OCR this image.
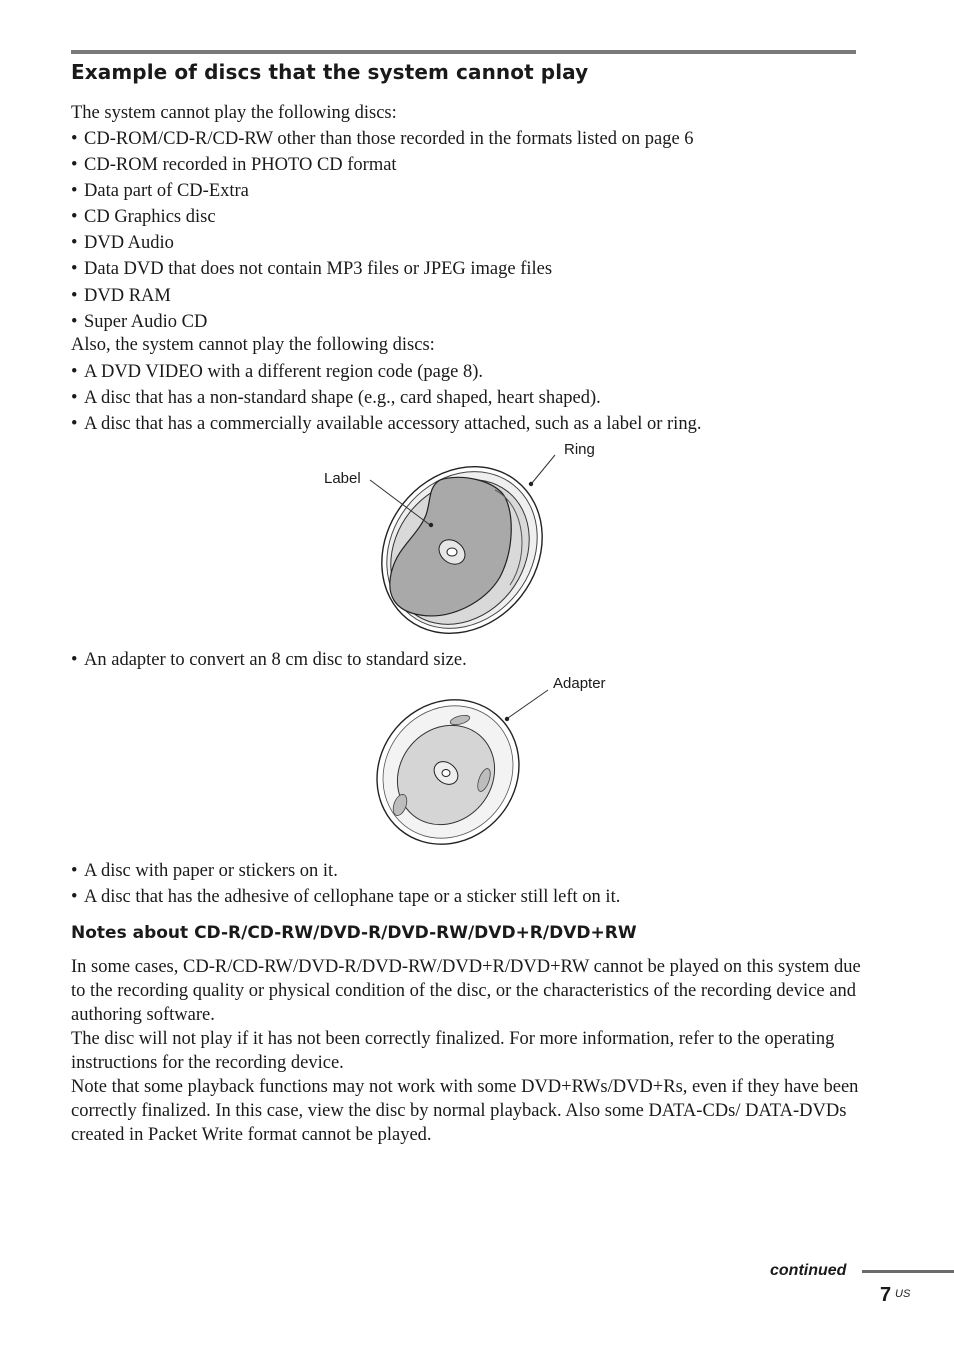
Example of discs that the system cannot play
The system cannot play the following discs:
• CD-ROM/CD-R/CD-RW other than those recorded in the formats listed on page 6
• CD-ROM recorded in PHOTO CD format
• Data part of CD-Extra
• CD Graphics disc
• DVD Audio
• Data DVD that does not contain MP3 files or JPEG image files
• DVD RAM
• Super Audio CD
Also, the system cannot play the following discs:
• A DVD VIDEO with a different region code (page 8).
• A disc that has a non-standard shape (e.g., card shaped, heart shaped).
• A disc that has a commercially available accessory attached, such as a label or ring.
Label
Ring
• An adapter to convert an 8 cm disc to standard size.
Adapter
• A disc with paper or stickers on it.
• A disc that has the adhesive of cellophane tape or a sticker still left on it.
Notes about CD-R/CD-RW/DVD-R/DVD-RW/DVD+R/DVD+RW

In some cases, CD-R/CD-RW/DVD-R/DVD-RW/DVD+R/DVD+RW cannot be played on this system due to the recording quality or physical condition of the disc, or the characteristics of the recording device and authoring software.

The disc will not play if it has not been correctly finalized. For more information, refer to the operating instructions for the recording device.

Note that some playback functions may not work with some DVD+RWs/DVD+Rs, even if they have been correctly finalized. In this case, view the disc by normal playback. Also some DATA-CDs/ DATA-DVDs created in Packet Write format cannot be played.

continued
7 US
